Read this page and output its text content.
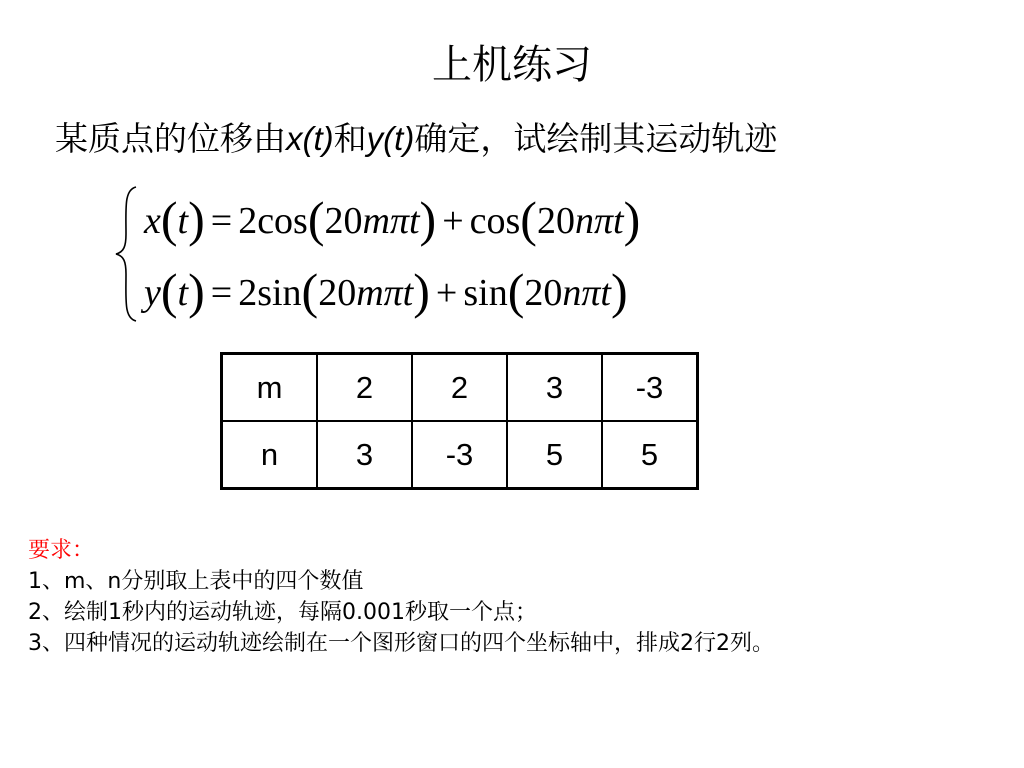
上机练习
某质点的位移由x(t)和y(t)确定，试绘制其运动轨迹
x(t) = 2cos(20mπt) + cos(20nπt)
y(t) = 2sin(20mπt) + sin(20nπt)
m	2	2	3	-3
n	3	-3	5	5
要求：
1、m、n分别取上表中的四个数值
2、绘制1秒内的运动轨迹，每隔0.001秒取一个点；
3、四种情况的运动轨迹绘制在一个图形窗口的四个坐标轴中，排成2行2列。
